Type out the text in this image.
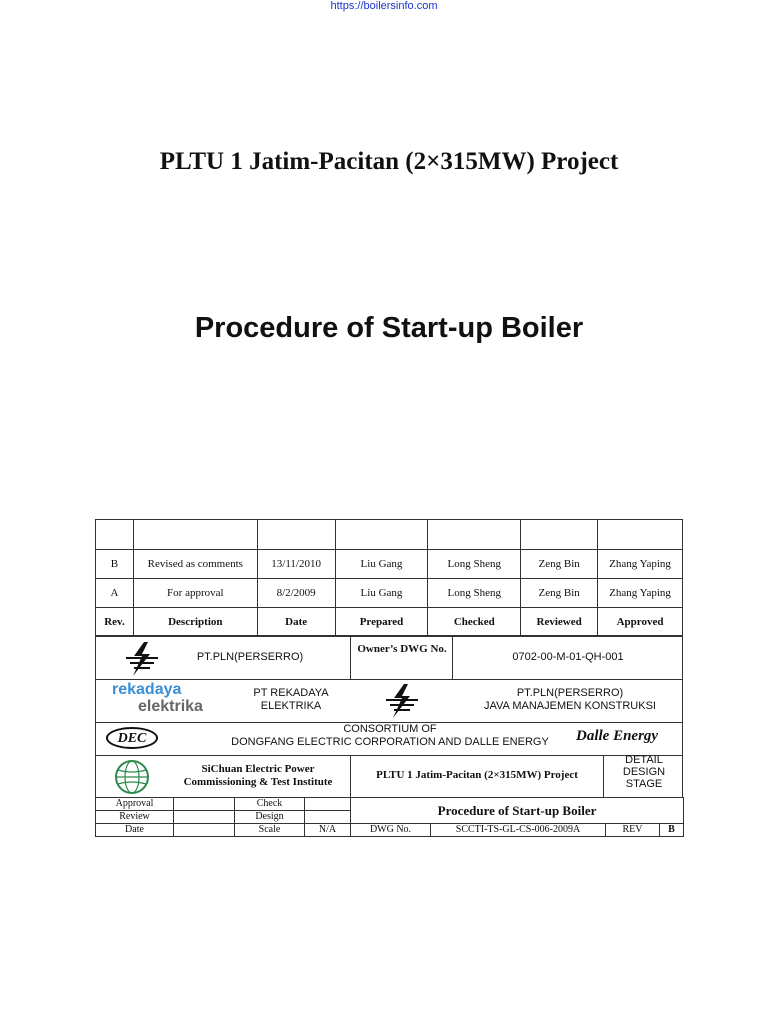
https://boilersinfo.com
PLTU 1 Jatim-Pacitan (2×315MW) Project
Procedure of Start-up Boiler

B	Revised as comments	13/11/2010	Liu Gang	Long Sheng	Zeng Bin	Zhang Yaping
A	For approval	8/2/2009	Liu Gang	Long Sheng	Zeng Bin	Zhang Yaping
Rev.	Description	Date	Prepared	Checked	Reviewed	Approved
PT.PLN(PERSERRO)
Owner’s DWG No.
0702-00-M-01-QH-001
rekadaya
elektrika
PT REKADAYA ELEKTRIKA
PT.PLN(PERSERRO)
JAVA MANAJEMEN KONSTRUKSI
DEC
CONSORTIUM OF
DONGFANG ELECTRIC CORPORATION AND DALLE ENERGY	Dalle Energy
SiChuan Electric Power
Commissioning & Test Institute
PLTU 1 Jatim-Pacitan (2×315MW) Project
DETAIL
DESIGN
STAGE
Approval		Check		Procedure of Start-up Boiler			
Review		Design					
Date		Scale	N/A	DWG No.	SCCTI-TS-GL-CS-006-2009A	REV	B
